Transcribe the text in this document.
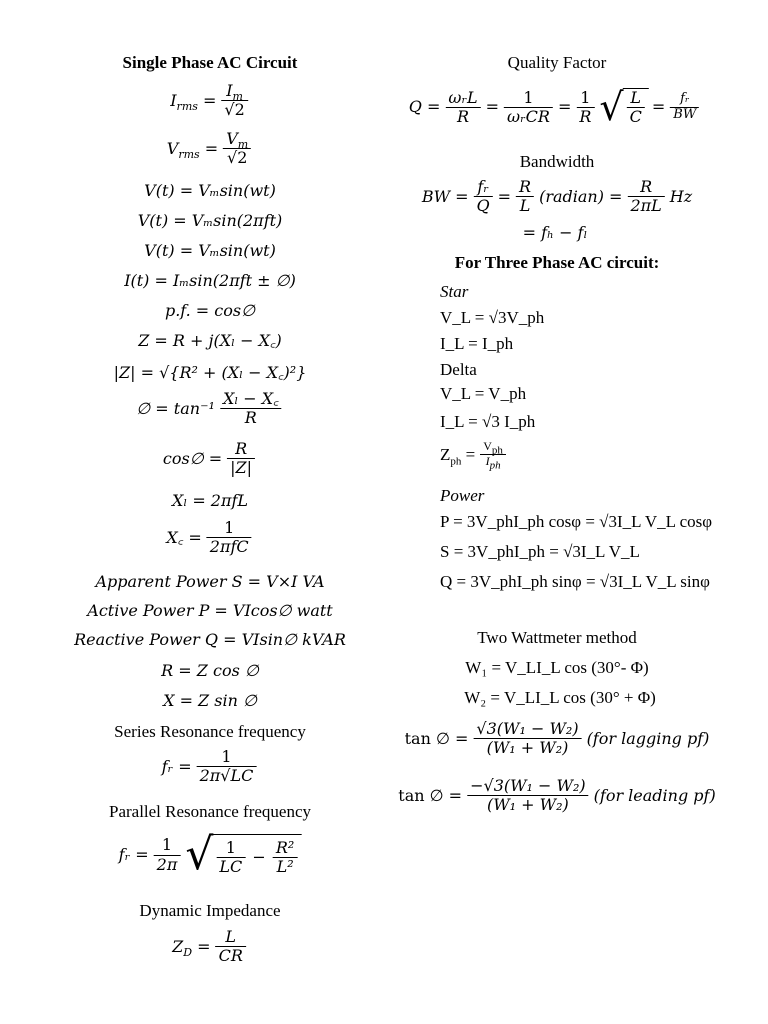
Single Phase AC Circuit
$I_{rms} = \frac{I_m}{√2}$
$V_{rms} = \frac{V_m}{√2}$
V(t) = Vₘsin(wt)
V(t) = Vₘsin(2πft)
V(t) = Vₘsin(wt)
I(t) = Iₘsin(2πft ± ∅)
p.f. = cos∅
Z = R + j(Xₗ − X꜀)
|Z| = √{R² + (Xₗ − X꜀)²}
∅ = $\tan^{-1} \frac{\text{Xₗ − X꜀}}{R}$
cos∅ = $\frac{R}{|Z|}$
Xₗ = 2πfL
X꜀ = $\frac{1}{\text{2πfC}}$
Apparent Power S = V×I VA
Active Power P = VIcos∅ watt
Reactive Power Q = VIsin∅ kVAR
R = Z cos ∅
X = Z sin ∅
Series Resonance frequency
fᵣ = $\frac{1}{2\pi√LC}$
Parallel Resonance frequency
fᵣ = $\frac{1}{2\pi}$ √ $\frac{1}{LC} - \frac{\text{R²}}{\text{L²}}$
Dynamic Impedance
$Z_D = \frac{L}{CR}$
Quality Factor
$Q = \frac{\text{ωᵣL}}{R} = \frac{1}{\text{ωᵣCR}} = \frac{1}{R}$ √ $\frac{L}{C} = \frac{\text{fᵣ}}{BW}$
Bandwidth
BW = $\frac{\text{fᵣ}}{Q} = \frac{R}{L}$ (radian) = $\frac{R}{2\pi L}$ Hz
= fₕ − fₗ
For Three Phase AC circuit:
Star
V_L = √3V_ph
I_L = I_ph
Delta
V_L = V_ph
I_L = √3 I_ph
$Z_{ph} = \frac{V_{ph}}{I_{ph}}$
Power
P = 3V_phI_ph cosφ = √3I_L V_L cosφ
S = 3V_phI_ph = √3I_L V_L
Q = 3V_phI_ph sinφ = √3I_L V_L sinφ
Two Wattmeter method
W₁ = V_LI_L cos (30°- Φ)
W₂ = V_LI_L cos (30° + Φ)
tan ∅ = $\frac{\text{√3(W₁ − W₂)}}{\text{(W₁ + W₂)}} (for$ lagging pf)
tan ∅ = $\frac{\text{−√3(W₁ − W₂)}}{\text{(W₁ + W₂)}} (for$ leading pf)
